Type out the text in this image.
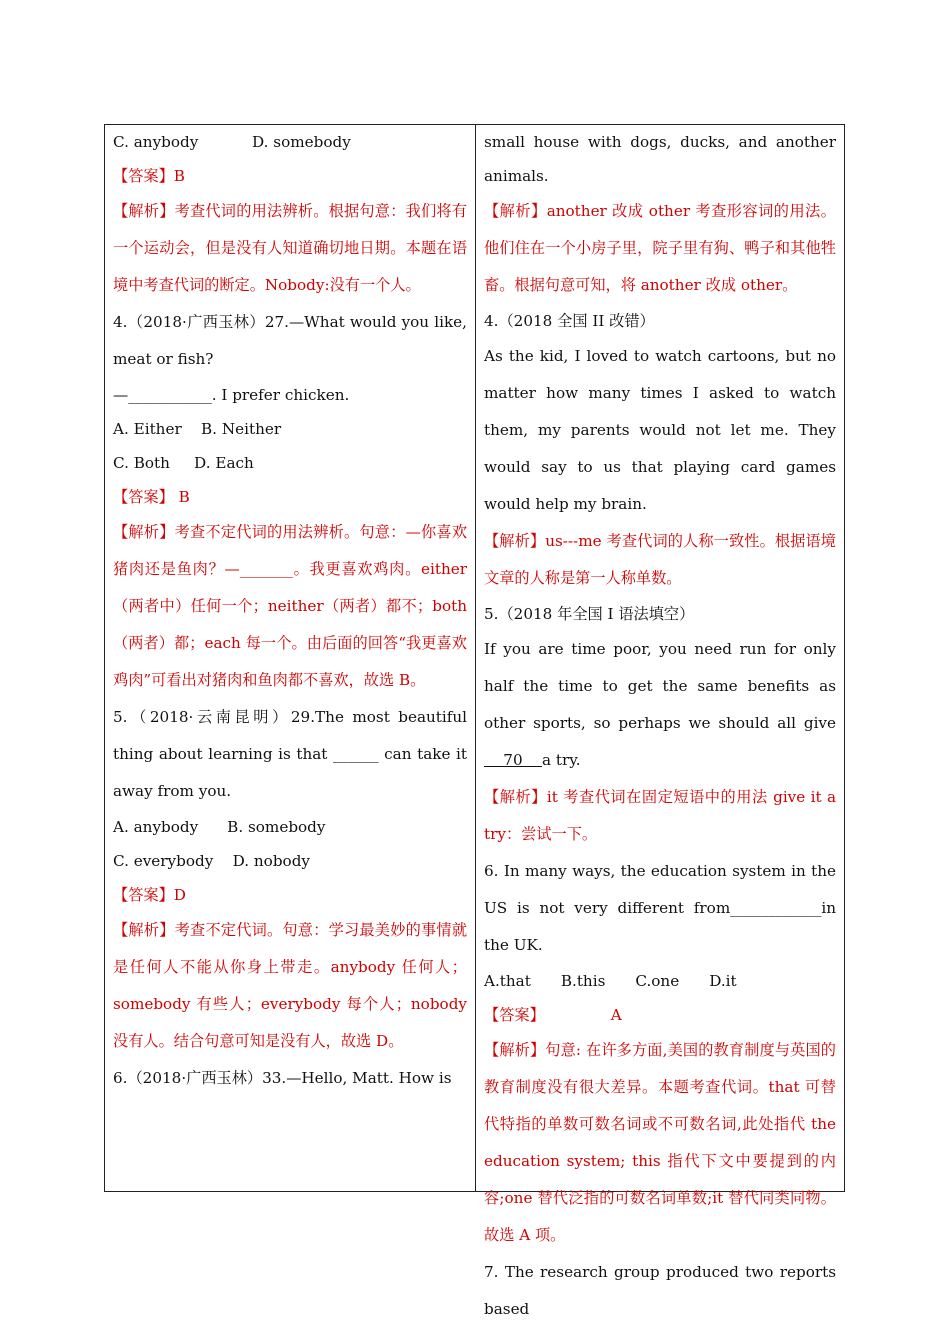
C. anybody	D. somebody

【答案】B

【解析】考查代词的用法辨析。根据句意：我们将有一个运动会，但是没有人知道确切地日期。本题在语境中考查代词的断定。Nobody:没有一个人。

4.（2018·广西玉林）27.—What would you like, meat or fish?

—___________. I prefer chicken.

A. Either    B. Neither

C. Both     D. Each

【答案】 B

【解析】考查不定代词的用法辨析。句意：—你喜欢猪肉还是鱼肉？—_______。我更喜欢鸡肉。either（两者中）任何一个；neither（两者）都不；both（两者）都；each 每一个。由后面的回答“我更喜欢鸡肉”可看出对猪肉和鱼肉都不喜欢，故选 B。

5.（2018·云南昆明）29.The most beautiful thing about learning is that ______ can take it away from you.

A. anybody      B. somebody

C. everybody    D. nobody

【答案】D

【解析】考查不定代词。句意：学习最美妙的事情就是任何人不能从你身上带走。anybody 任何人；somebody 有些人；everybody 每个人；nobody 没有人。结合句意可知是没有人，故选 D。

6.（2018·广西玉林）33.—Hello, Matt. How is

small house with dogs, ducks, and another animals.

【解析】another 改成 other 考查形容词的用法。他们住在一个小房子里，院子里有狗、鸭子和其他牲畜。根据句意可知，将 another 改成 other。

4.（2018 全国 II 改错）

As the kid, I loved to watch cartoons, but no matter how many times I asked to watch them, my parents would not let me. They would say to us that playing card games would help my brain.

【解析】us---me 考查代词的人称一致性。根据语境文章的人称是第一人称单数。

5.（2018 年全国 I 语法填空）

If you are time poor, you need run for only half the time to get the same benefits as other sports, so perhaps we should all give    70    a try.

【解析】it 考查代词在固定短语中的用法 give it a try：尝试一下。

6. In many ways, the education system in the US is not very different from____________in the UK.

A.that B.this C.one D.it

【答案】	A

【解析】句意: 在许多方面,美国的教育制度与英国的教育制度没有很大差异。本题考查代词。that 可替代特指的单数可数名词或不可数名词,此处指代 the education system; this 指代下文中要提到的内容;one 替代泛指的可数名词单数;it 替代同类同物。故选 A 项。

7. The research group produced two reports based
